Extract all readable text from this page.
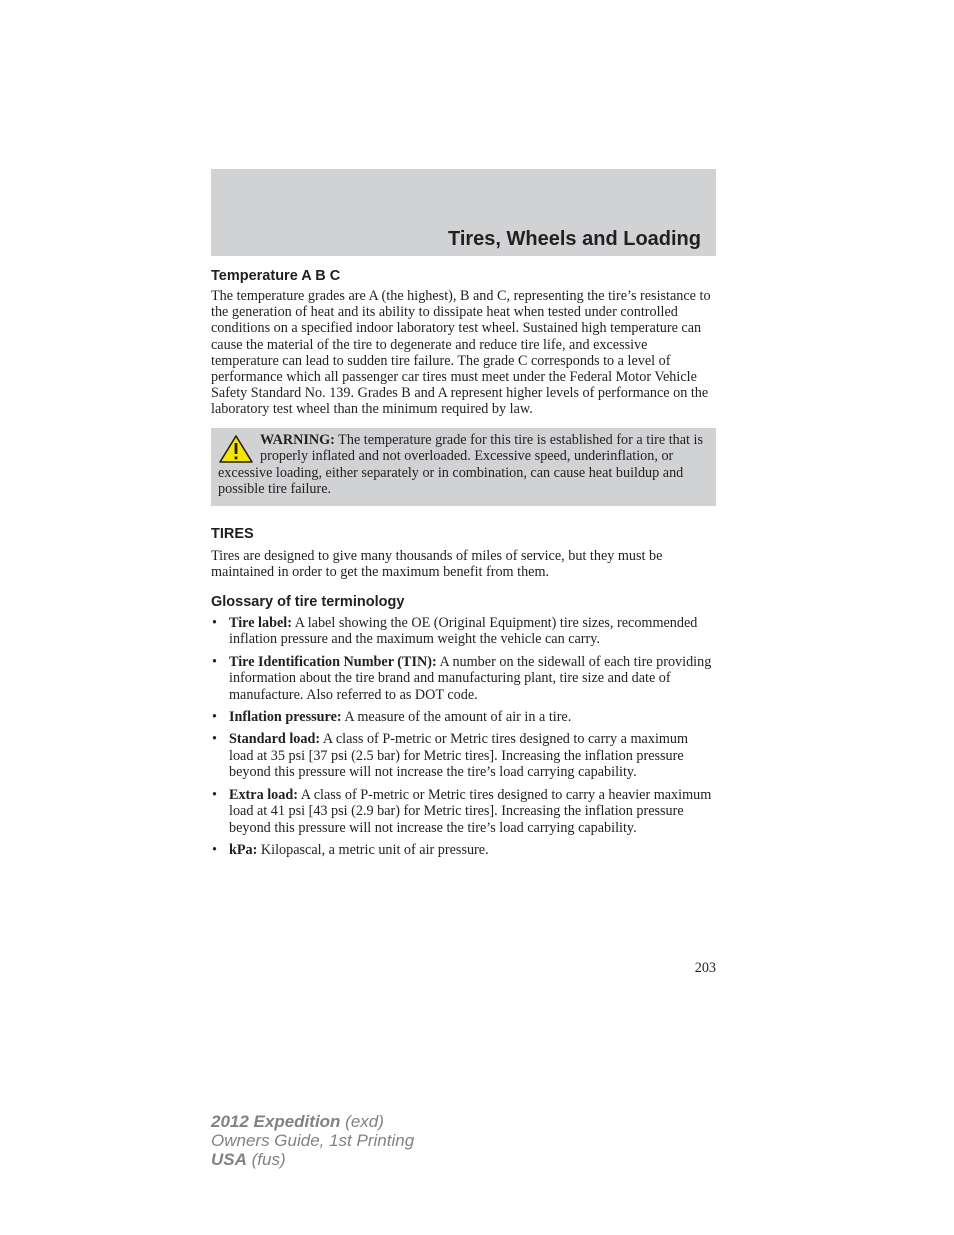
Tires, Wheels and Loading
Temperature A B C

The temperature grades are A (the highest), B and C, representing the tire’s resistance to the generation of heat and its ability to dissipate heat when tested under controlled conditions on a specified indoor laboratory test wheel. Sustained high temperature can cause the material of the tire to degenerate and reduce tire life, and excessive temperature can lead to sudden tire failure. The grade C corresponds to a level of performance which all passenger car tires must meet under the Federal Motor Vehicle Safety Standard No. 139. Grades B and A represent higher levels of performance on the laboratory test wheel than the minimum required by law.

WARNING: The temperature grade for this tire is established for a tire that is properly inflated and not overloaded. Excessive speed, underinflation, or excessive loading, either separately or in combination, can cause heat buildup and possible tire failure.

TIRES

Tires are designed to give many thousands of miles of service, but they must be maintained in order to get the maximum benefit from them.

Glossary of tire terminology
• Tire label: A label showing the OE (Original Equipment) tire sizes, recommended inflation pressure and the maximum weight the vehicle can carry.
• Tire Identification Number (TIN): A number on the sidewall of each tire providing information about the tire brand and manufacturing plant, tire size and date of manufacture. Also referred to as DOT code.
• Inflation pressure: A measure of the amount of air in a tire.
• Standard load: A class of P-metric or Metric tires designed to carry a maximum load at 35 psi [37 psi (2.5 bar) for Metric tires]. Increasing the inflation pressure beyond this pressure will not increase the tire’s load carrying capability.
• Extra load: A class of P-metric or Metric tires designed to carry a heavier maximum load at 41 psi [43 psi (2.9 bar) for Metric tires]. Increasing the inflation pressure beyond this pressure will not increase the tire’s load carrying capability.
• kPa: Kilopascal, a metric unit of air pressure.
203
2012 Expedition (exd)
Owners Guide, 1st Printing
USA (fus)
